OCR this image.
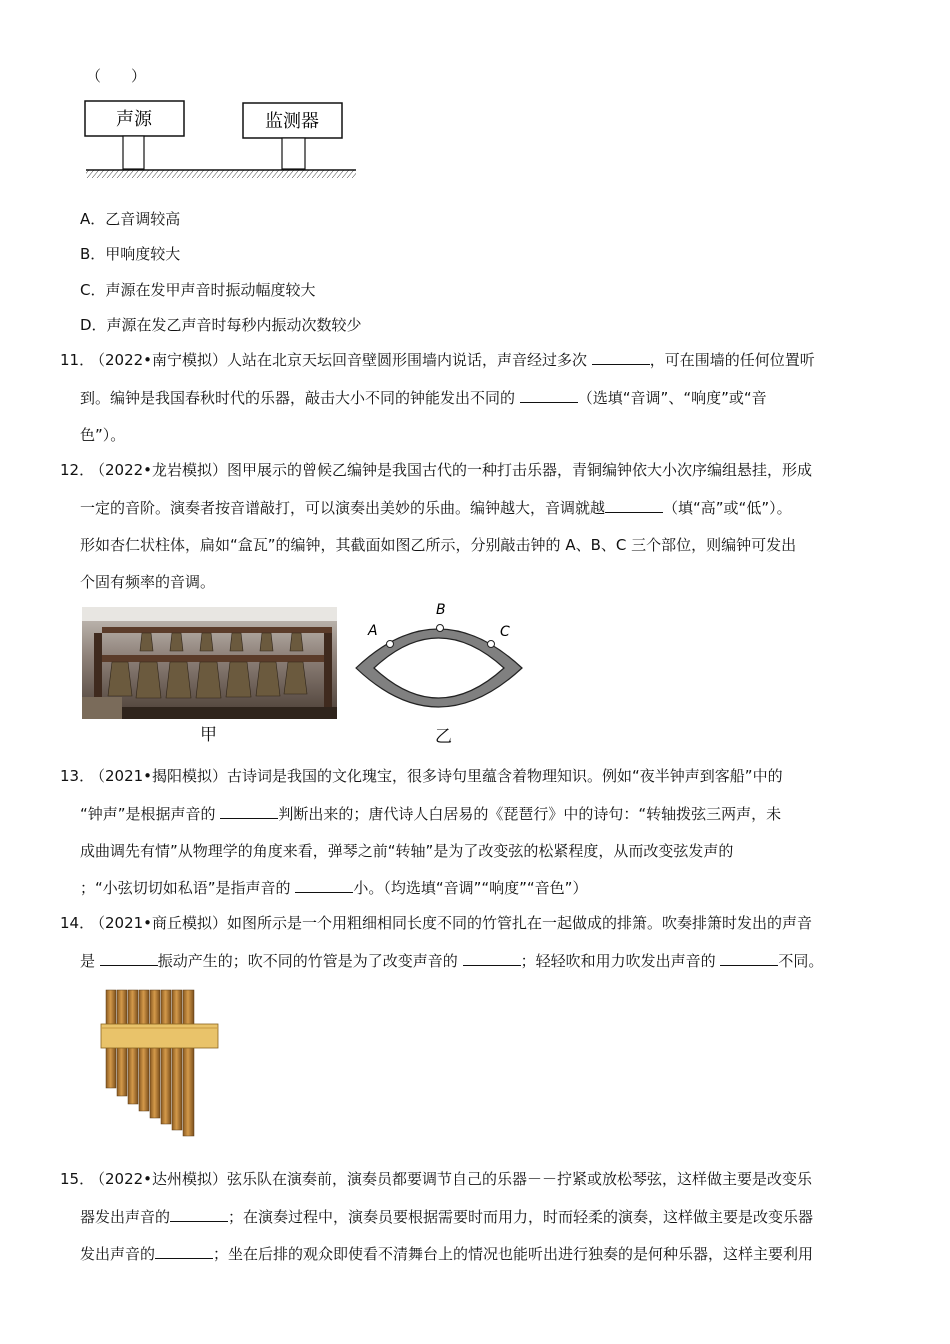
（　　）
声源	监测器
A．乙音调较高
B．甲响度较大
C．声源在发甲声音时振动幅度较大
D．声源在发乙声音时每秒内振动次数较少
11．
（2022•南宁模拟）人站在北京天坛回音壁圆形围墙内说话，声音经过多次	，可在围墙的任何位置听
到。编钟是我国春秋时代的乐器，敲击大小不同的钟能发出不同的	（选填“音调”、“响度”或“音
色”）。
12．
（2022•龙岩模拟）图甲展示的曾候乙编钟是我国古代的一种打击乐器，青铜编钟依大小次序编组悬挂，形成
一定的音阶。演奏者按音谱敲打，可以演奏出美妙的乐曲。编钟越大，音调就越	（填“高”或“低”）。
形如杏仁状柱体，扁如“盒瓦”的编钟，其截面如图乙所示，分别敲击钟的 A、B、C 三个部位，则编钟可发出
个固有频率的音调。
甲
A
B
C
乙
13．
（2021•揭阳模拟）古诗词是我国的文化瑰宝，很多诗句里蕴含着物理知识。例如“夜半钟声到客船”中的
“钟声”是根据声音的	判断出来的；唐代诗人白居易的《琵琶行》中的诗句：“转轴拨弦三两声，未
成曲调先有情”从物理学的角度来看，弹琴之前“转轴”是为了改变弦的松紧程度，从而改变弦发声的
；“小弦切切如私语”是指声音的	小。（均选填“音调”“响度”“音色”）
14．
（2021•商丘模拟）如图所示是一个用粗细相同长度不同的竹管扎在一起做成的排箫。吹奏排箫时发出的声音
是	振动产生的；吹不同的竹管是为了改变声音的	；轻轻吹和用力吹发出声音的	不同。
15．
（2022•达州模拟）弦乐队在演奏前，演奏员都要调节自己的乐器－－拧紧或放松琴弦，这样做主要是改变乐
器发出声音的	；在演奏过程中，演奏员要根据需要时而用力，时而轻柔的演奏，这样做主要是改变乐器
发出声音的	；坐在后排的观众即使看不清舞台上的情况也能听出进行独奏的是何种乐器，这样主要利用
